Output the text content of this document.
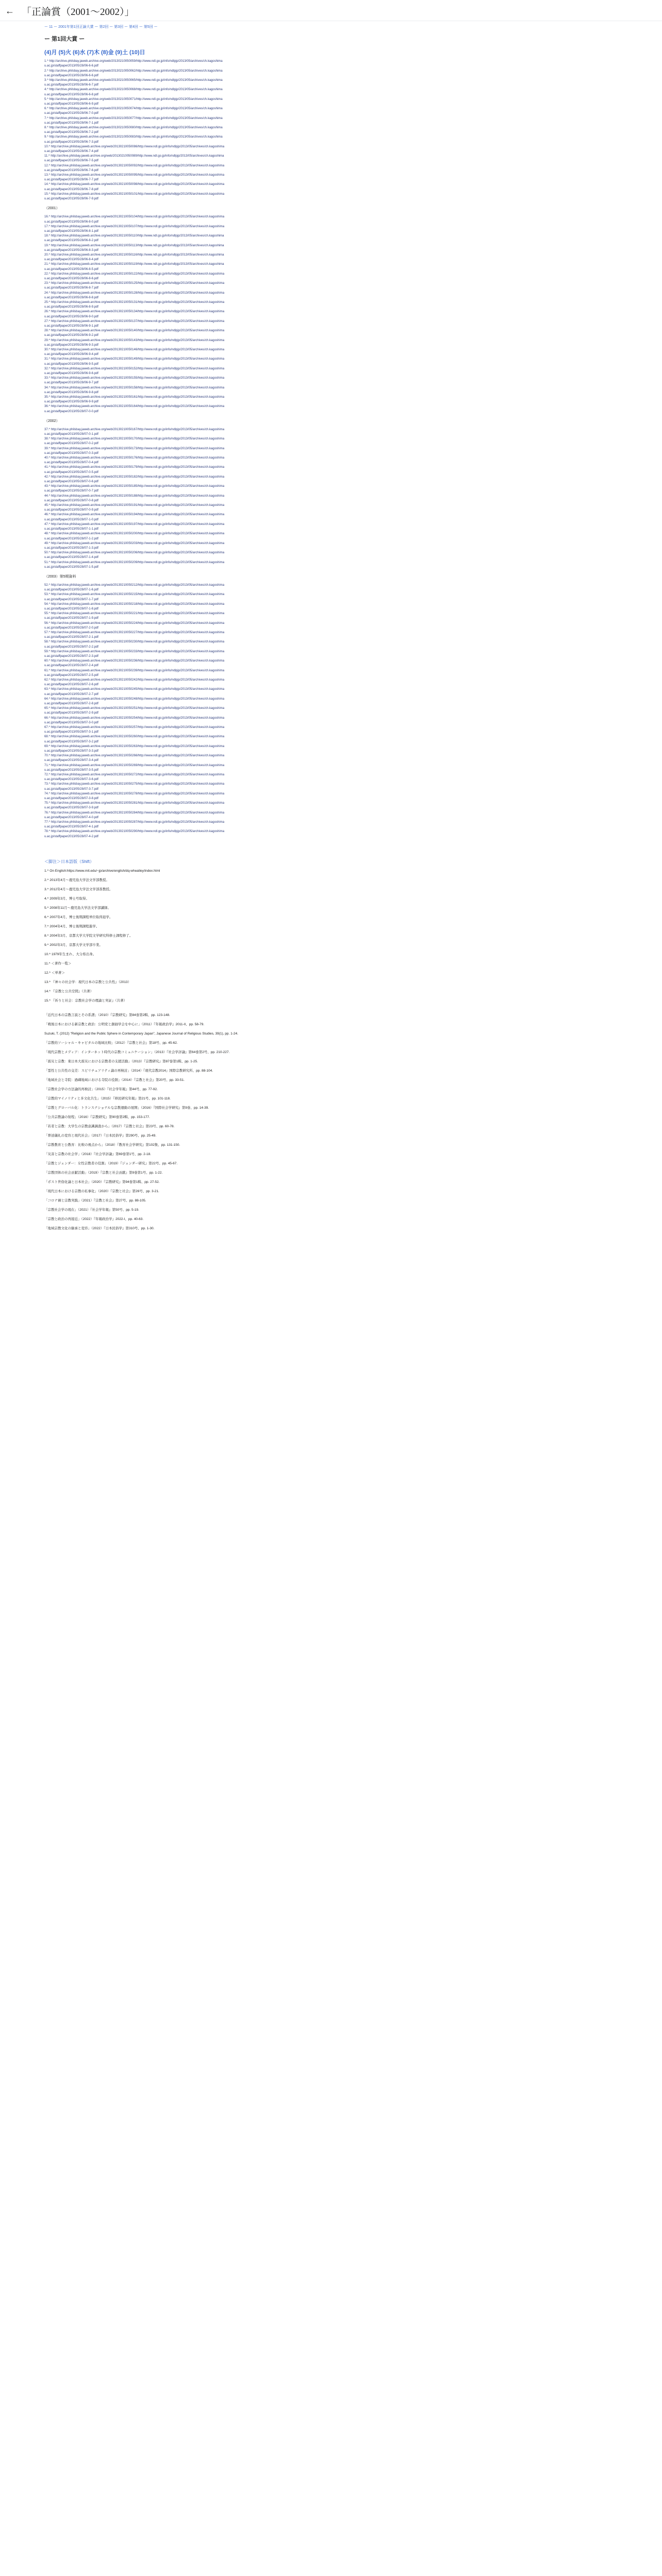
← 「正論賞（2001〜2002）」
ー 11 ー 2001年第1回正論大賞 ー 第2回 ー 第3回 ー 第4回 ー 第5回 ー
ー 第1回大賞 ー
(4)月 (5)火 (6)水 (7)木 (8)金 (9)土 (10)日
1.^ http://archive.philsbay.jaweb.archive.org/web/20130210050059/http://www.ndl.go.jp/info/ndlpjp/2013/05/archives/ch.kagoshima
u.ac.jp/staffpaper2013/05/28/06-6-6.pdf
2.^ http://archive.philsbay.jaweb.archive.org/web/20130210050062/http://www.ndl.go.jp/info/ndlpjp/2013/05/archives/ch.kagoshima
u.ac.jp/staffpaper2013/05/28/06-6-6.pdf
3.^ http://archive.philsbay.jaweb.archive.org/web/20130210050065/http://www.ndl.go.jp/info/ndlpjp/2013/05/archives/ch.kagoshima
u.ac.jp/staffpaper2013/05/28/06-6-7.pdf
4.^ http://archive.philsbay.jaweb.archive.org/web/20130210050068/http://www.ndl.go.jp/info/ndlpjp/2013/05/archives/ch.kagoshima
u.ac.jp/staffpaper2013/05/28/06-6-8.pdf
5.^ http://archive.philsbay.jaweb.archive.org/web/20130210050071/http://www.ndl.go.jp/info/ndlpjp/2013/05/archives/ch.kagoshima
u.ac.jp/staffpaper2013/05/28/06-6-9.pdf
6.^ http://archive.philsbay.jaweb.archive.org/web/20130210050074/http://www.ndl.go.jp/info/ndlpjp/2013/05/archives/ch.kagoshima
u.ac.jp/staffpaper2013/05/28/06-7-0.pdf
7.^ http://archive.philsbay.jaweb.archive.org/web/20130210050077/http://www.ndl.go.jp/info/ndlpjp/2013/05/archives/ch.kagoshima
u.ac.jp/staffpaper2013/05/28/06-7-1.pdf
8.^ http://archive.philsbay.jaweb.archive.org/web/20130210050080/http://www.ndl.go.jp/info/ndlpjp/2013/05/archives/ch.kagoshima
u.ac.jp/staffpaper2013/05/28/06-7-2.pdf
9.^ http://archive.philsbay.jaweb.archive.org/web/20130210050083/http://www.ndl.go.jp/info/ndlpjp/2013/05/archives/ch.kagoshima
u.ac.jp/staffpaper2013/05/28/06-7-3.pdf
10.^ http://archive.philsbay.jaweb.archive.org/web/20130210050086/http://www.ndl.go.jp/info/ndlpjp/2013/05/archives/ch.kagoshima
u.ac.jp/staffpaper2013/05/28/06-7-4.pdf
11.^ http://archive.philsbay.jaweb.archive.org/web/20130210050089/http://www.ndl.go.jp/info/ndlpjp/2013/05/archives/ch.kagoshima
u.ac.jp/staffpaper2013/05/28/06-7-5.pdf
12.^ http://archive.philsbay.jaweb.archive.org/web/20130210050092/http://www.ndl.go.jp/info/ndlpjp/2013/05/archives/ch.kagoshima
u.ac.jp/staffpaper2013/05/28/06-7-6.pdf
13.^ http://archive.philsbay.jaweb.archive.org/web/20130210050095/http://www.ndl.go.jp/info/ndlpjp/2013/05/archives/ch.kagoshima
u.ac.jp/staffpaper2013/05/28/06-7-7.pdf
14.^ http://archive.philsbay.jaweb.archive.org/web/20130210050098/http://www.ndl.go.jp/info/ndlpjp/2013/05/archives/ch.kagoshima
u.ac.jp/staffpaper2013/05/28/06-7-8.pdf
15.^ http://archive.philsbay.jaweb.archive.org/web/20130210050101/http://www.ndl.go.jp/info/ndlpjp/2013/05/archives/ch.kagoshima
u.ac.jp/staffpaper2013/05/28/06-7-9.pdf
（2001）
16.^ http://archive.philsbay.jaweb.archive.org/web/20130210050104/http://www.ndl.go.jp/info/ndlpjp/2013/05/archives/ch.kagoshima
u.ac.jp/staffpaper2013/05/28/06-8-0.pdf
17.^ http://archive.philsbay.jaweb.archive.org/web/20130210050107/http://www.ndl.go.jp/info/ndlpjp/2013/05/archives/ch.kagoshima
u.ac.jp/staffpaper2013/05/28/06-8-1.pdf
18.^ http://archive.philsbay.jaweb.archive.org/web/20130210050110/http://www.ndl.go.jp/info/ndlpjp/2013/05/archives/ch.kagoshima
u.ac.jp/staffpaper2013/05/28/06-8-2.pdf
19.^ http://archive.philsbay.jaweb.archive.org/web/20130210050113/http://www.ndl.go.jp/info/ndlpjp/2013/05/archives/ch.kagoshima
u.ac.jp/staffpaper2013/05/28/06-8-3.pdf
20.^ http://archive.philsbay.jaweb.archive.org/web/20130210050116/http://www.ndl.go.jp/info/ndlpjp/2013/05/archives/ch.kagoshima
u.ac.jp/staffpaper2013/05/28/06-8-4.pdf
21.^ http://archive.philsbay.jaweb.archive.org/web/20130210050119/http://www.ndl.go.jp/info/ndlpjp/2013/05/archives/ch.kagoshima
u.ac.jp/staffpaper2013/05/28/06-8-5.pdf
22.^ http://archive.philsbay.jaweb.archive.org/web/20130210050122/http://www.ndl.go.jp/info/ndlpjp/2013/05/archives/ch.kagoshima
u.ac.jp/staffpaper2013/05/28/06-8-6.pdf
23.^ http://archive.philsbay.jaweb.archive.org/web/20130210050125/http://www.ndl.go.jp/info/ndlpjp/2013/05/archives/ch.kagoshima
u.ac.jp/staffpaper2013/05/28/06-8-7.pdf
24.^ http://archive.philsbay.jaweb.archive.org/web/20130210050128/http://www.ndl.go.jp/info/ndlpjp/2013/05/archives/ch.kagoshima
u.ac.jp/staffpaper2013/05/28/06-8-8.pdf
25.^ http://archive.philsbay.jaweb.archive.org/web/20130210050131/http://www.ndl.go.jp/info/ndlpjp/2013/05/archives/ch.kagoshima
u.ac.jp/staffpaper2013/05/28/06-8-9.pdf
26.^ http://archive.philsbay.jaweb.archive.org/web/20130210050134/http://www.ndl.go.jp/info/ndlpjp/2013/05/archives/ch.kagoshima
u.ac.jp/staffpaper2013/05/28/06-9-0.pdf
27.^ http://archive.philsbay.jaweb.archive.org/web/20130210050137/http://www.ndl.go.jp/info/ndlpjp/2013/05/archives/ch.kagoshima
u.ac.jp/staffpaper2013/05/28/06-9-1.pdf
28.^ http://archive.philsbay.jaweb.archive.org/web/20130210050140/http://www.ndl.go.jp/info/ndlpjp/2013/05/archives/ch.kagoshima
u.ac.jp/staffpaper2013/05/28/06-9-2.pdf
29.^ http://archive.philsbay.jaweb.archive.org/web/20130210050143/http://www.ndl.go.jp/info/ndlpjp/2013/05/archives/ch.kagoshima
u.ac.jp/staffpaper2013/05/28/06-9-3.pdf
30.^ http://archive.philsbay.jaweb.archive.org/web/20130210050146/http://www.ndl.go.jp/info/ndlpjp/2013/05/archives/ch.kagoshima
u.ac.jp/staffpaper2013/05/28/06-9-4.pdf
31.^ http://archive.philsbay.jaweb.archive.org/web/20130210050149/http://www.ndl.go.jp/info/ndlpjp/2013/05/archives/ch.kagoshima
u.ac.jp/staffpaper2013/05/28/06-9-5.pdf
32.^ http://archive.philsbay.jaweb.archive.org/web/20130210050152/http://www.ndl.go.jp/info/ndlpjp/2013/05/archives/ch.kagoshima
u.ac.jp/staffpaper2013/05/28/06-9-6.pdf
33.^ http://archive.philsbay.jaweb.archive.org/web/20130210050155/http://www.ndl.go.jp/info/ndlpjp/2013/05/archives/ch.kagoshima
u.ac.jp/staffpaper2013/05/28/06-9-7.pdf
34.^ http://archive.philsbay.jaweb.archive.org/web/20130210050158/http://www.ndl.go.jp/info/ndlpjp/2013/05/archives/ch.kagoshima
u.ac.jp/staffpaper2013/05/28/06-9-8.pdf
35.^ http://archive.philsbay.jaweb.archive.org/web/20130210050161/http://www.ndl.go.jp/info/ndlpjp/2013/05/archives/ch.kagoshima
u.ac.jp/staffpaper2013/05/28/06-9-9.pdf
36.^ http://archive.philsbay.jaweb.archive.org/web/20130210050164/http://www.ndl.go.jp/info/ndlpjp/2013/05/archives/ch.kagoshima
u.ac.jp/staffpaper2013/05/28/07-0-0.pdf
（2002）
37.^ http://archive.philsbay.jaweb.archive.org/web/20130210050167/http://www.ndl.go.jp/info/ndlpjp/2013/05/archives/ch.kagoshima
u.ac.jp/staffpaper2013/05/28/07-0-1.pdf
38.^ http://archive.philsbay.jaweb.archive.org/web/20130210050170/http://www.ndl.go.jp/info/ndlpjp/2013/05/archives/ch.kagoshima
u.ac.jp/staffpaper2013/05/28/07-0-2.pdf
39.^ http://archive.philsbay.jaweb.archive.org/web/20130210050173/http://www.ndl.go.jp/info/ndlpjp/2013/05/archives/ch.kagoshima
u.ac.jp/staffpaper2013/05/28/07-0-3.pdf
40.^ http://archive.philsbay.jaweb.archive.org/web/20130210050176/http://www.ndl.go.jp/info/ndlpjp/2013/05/archives/ch.kagoshima
u.ac.jp/staffpaper2013/05/28/07-0-4.pdf
41.^ http://archive.philsbay.jaweb.archive.org/web/20130210050179/http://www.ndl.go.jp/info/ndlpjp/2013/05/archives/ch.kagoshima
u.ac.jp/staffpaper2013/05/28/07-0-5.pdf
42.^ http://archive.philsbay.jaweb.archive.org/web/20130210050182/http://www.ndl.go.jp/info/ndlpjp/2013/05/archives/ch.kagoshima
u.ac.jp/staffpaper2013/05/28/07-0-6.pdf
43.^ http://archive.philsbay.jaweb.archive.org/web/20130210050185/http://www.ndl.go.jp/info/ndlpjp/2013/05/archives/ch.kagoshima
u.ac.jp/staffpaper2013/05/28/07-0-7.pdf
44.^ http://archive.philsbay.jaweb.archive.org/web/20130210050188/http://www.ndl.go.jp/info/ndlpjp/2013/05/archives/ch.kagoshima
u.ac.jp/staffpaper2013/05/28/07-0-8.pdf
45.^ http://archive.philsbay.jaweb.archive.org/web/20130210050191/http://www.ndl.go.jp/info/ndlpjp/2013/05/archives/ch.kagoshima
u.ac.jp/staffpaper2013/05/28/07-0-9.pdf
46.^ http://archive.philsbay.jaweb.archive.org/web/20130210050194/http://www.ndl.go.jp/info/ndlpjp/2013/05/archives/ch.kagoshima
u.ac.jp/staffpaper2013/05/28/07-1-0.pdf
47.^ http://archive.philsbay.jaweb.archive.org/web/20130210050197/http://www.ndl.go.jp/info/ndlpjp/2013/05/archives/ch.kagoshima
u.ac.jp/staffpaper2013/05/28/07-1-1.pdf
48.^ http://archive.philsbay.jaweb.archive.org/web/20130210050200/http://www.ndl.go.jp/info/ndlpjp/2013/05/archives/ch.kagoshima
u.ac.jp/staffpaper2013/05/28/07-1-2.pdf
49.^ http://archive.philsbay.jaweb.archive.org/web/20130210050203/http://www.ndl.go.jp/info/ndlpjp/2013/05/archives/ch.kagoshima
u.ac.jp/staffpaper2013/05/28/07-1-3.pdf
50.^ http://archive.philsbay.jaweb.archive.org/web/20130210050206/http://www.ndl.go.jp/info/ndlpjp/2013/05/archives/ch.kagoshima
u.ac.jp/staffpaper2013/05/28/07-1-4.pdf
51.^ http://archive.philsbay.jaweb.archive.org/web/20130210050209/http://www.ndl.go.jp/info/ndlpjp/2013/05/archives/ch.kagoshima
u.ac.jp/staffpaper2013/05/28/07-1-5.pdf
（2003）第5期資料
52.^ http://archive.philsbay.jaweb.archive.org/web/20130210050212/http://www.ndl.go.jp/info/ndlpjp/2013/05/archives/ch.kagoshima
u.ac.jp/staffpaper2013/05/28/07-1-6.pdf
53.^ http://archive.philsbay.jaweb.archive.org/web/20130210050215/http://www.ndl.go.jp/info/ndlpjp/2013/05/archives/ch.kagoshima
u.ac.jp/staffpaper2013/05/28/07-1-7.pdf
54.^ http://archive.philsbay.jaweb.archive.org/web/20130210050218/http://www.ndl.go.jp/info/ndlpjp/2013/05/archives/ch.kagoshima
u.ac.jp/staffpaper2013/05/28/07-1-8.pdf
55.^ http://archive.philsbay.jaweb.archive.org/web/20130210050221/http://www.ndl.go.jp/info/ndlpjp/2013/05/archives/ch.kagoshima
u.ac.jp/staffpaper2013/05/28/07-1-9.pdf
56.^ http://archive.philsbay.jaweb.archive.org/web/20130210050224/http://www.ndl.go.jp/info/ndlpjp/2013/05/archives/ch.kagoshima
u.ac.jp/staffpaper2013/05/28/07-2-0.pdf
57.^ http://archive.philsbay.jaweb.archive.org/web/20130210050227/http://www.ndl.go.jp/info/ndlpjp/2013/05/archives/ch.kagoshima
u.ac.jp/staffpaper2013/05/28/07-2-1.pdf
58.^ http://archive.philsbay.jaweb.archive.org/web/20130210050230/http://www.ndl.go.jp/info/ndlpjp/2013/05/archives/ch.kagoshima
u.ac.jp/staffpaper2013/05/28/07-2-2.pdf
59.^ http://archive.philsbay.jaweb.archive.org/web/20130210050233/http://www.ndl.go.jp/info/ndlpjp/2013/05/archives/ch.kagoshima
u.ac.jp/staffpaper2013/05/28/07-2-3.pdf
60.^ http://archive.philsbay.jaweb.archive.org/web/20130210050236/http://www.ndl.go.jp/info/ndlpjp/2013/05/archives/ch.kagoshima
u.ac.jp/staffpaper2013/05/28/07-2-4.pdf
61.^ http://archive.philsbay.jaweb.archive.org/web/20130210050239/http://www.ndl.go.jp/info/ndlpjp/2013/05/archives/ch.kagoshima
u.ac.jp/staffpaper2013/05/28/07-2-5.pdf
62.^ http://archive.philsbay.jaweb.archive.org/web/20130210050242/http://www.ndl.go.jp/info/ndlpjp/2013/05/archives/ch.kagoshima
u.ac.jp/staffpaper2013/05/28/07-2-6.pdf
63.^ http://archive.philsbay.jaweb.archive.org/web/20130210050245/http://www.ndl.go.jp/info/ndlpjp/2013/05/archives/ch.kagoshima
u.ac.jp/staffpaper2013/05/28/07-2-7.pdf
64.^ http://archive.philsbay.jaweb.archive.org/web/20130210050248/http://www.ndl.go.jp/info/ndlpjp/2013/05/archives/ch.kagoshima
u.ac.jp/staffpaper2013/05/28/07-2-8.pdf
65.^ http://archive.philsbay.jaweb.archive.org/web/20130210050251/http://www.ndl.go.jp/info/ndlpjp/2013/05/archives/ch.kagoshima
u.ac.jp/staffpaper2013/05/28/07-2-9.pdf
66.^ http://archive.philsbay.jaweb.archive.org/web/20130210050254/http://www.ndl.go.jp/info/ndlpjp/2013/05/archives/ch.kagoshima
u.ac.jp/staffpaper2013/05/28/07-3-0.pdf
67.^ http://archive.philsbay.jaweb.archive.org/web/20130210050257/http://www.ndl.go.jp/info/ndlpjp/2013/05/archives/ch.kagoshima
u.ac.jp/staffpaper2013/05/28/07-3-1.pdf
68.^ http://archive.philsbay.jaweb.archive.org/web/20130210050260/http://www.ndl.go.jp/info/ndlpjp/2013/05/archives/ch.kagoshima
u.ac.jp/staffpaper2013/05/28/07-3-2.pdf
69.^ http://archive.philsbay.jaweb.archive.org/web/20130210050263/http://www.ndl.go.jp/info/ndlpjp/2013/05/archives/ch.kagoshima
u.ac.jp/staffpaper2013/05/28/07-3-3.pdf
70.^ http://archive.philsbay.jaweb.archive.org/web/20130210050266/http://www.ndl.go.jp/info/ndlpjp/2013/05/archives/ch.kagoshima
u.ac.jp/staffpaper2013/05/28/07-3-4.pdf
71.^ http://archive.philsbay.jaweb.archive.org/web/20130210050269/http://www.ndl.go.jp/info/ndlpjp/2013/05/archives/ch.kagoshima
u.ac.jp/staffpaper2013/05/28/07-3-5.pdf
72.^ http://archive.philsbay.jaweb.archive.org/web/20130210050272/http://www.ndl.go.jp/info/ndlpjp/2013/05/archives/ch.kagoshima
u.ac.jp/staffpaper2013/05/28/07-3-6.pdf
73.^ http://archive.philsbay.jaweb.archive.org/web/20130210050275/http://www.ndl.go.jp/info/ndlpjp/2013/05/archives/ch.kagoshima
u.ac.jp/staffpaper2013/05/28/07-3-7.pdf
74.^ http://archive.philsbay.jaweb.archive.org/web/20130210050278/http://www.ndl.go.jp/info/ndlpjp/2013/05/archives/ch.kagoshima
u.ac.jp/staffpaper2013/05/28/07-3-8.pdf
75.^ http://archive.philsbay.jaweb.archive.org/web/20130210050281/http://www.ndl.go.jp/info/ndlpjp/2013/05/archives/ch.kagoshima
u.ac.jp/staffpaper2013/05/28/07-3-9.pdf
76.^ http://archive.philsbay.jaweb.archive.org/web/20130210050284/http://www.ndl.go.jp/info/ndlpjp/2013/05/archives/ch.kagoshima
u.ac.jp/staffpaper2013/05/28/07-4-0.pdf
77.^ http://archive.philsbay.jaweb.archive.org/web/20130210050287/http://www.ndl.go.jp/info/ndlpjp/2013/05/archives/ch.kagoshima
u.ac.jp/staffpaper2013/05/28/07-4-1.pdf
78.^ http://archive.philsbay.jaweb.archive.org/web/20130210050290/http://www.ndl.go.jp/info/ndlpjp/2013/05/archives/ch.kagoshima
u.ac.jp/staffpaper2013/05/28/07-4-2.pdf
＜脚注＞日本語版（Shift）
1.^ On English:https://www.mit.edu/~jp/archive/english/dq-wheatley/index.html
2.^ 2013年4月〜鹿児島大学法文学部教授。
3.^ 2012年4月〜鹿児島大学法文学部准教授。
4.^ 2009年3月、博士号取得。
5.^ 2008年11月〜鹿児島大学法文学部講師。
6.^ 2007年4月、博士後期課程単位取得退学。
7.^ 2004年4月、博士後期課程進学。
8.^ 2004年3月、京都大学大学院文学研究科修士課程修了。
9.^ 2002年3月、京都大学文学部卒業。
10.^ 1979年生まれ、大分県出身。
11.^ ＜著作一覧＞
12.^ ＜単著＞
13.^ 『神々の社会学：現代日本の宗教と公共性』（2013）
14.^ 『宗教と公共空間』（共著）
15.^ 『祈りと社会：宗教社会学の理論と実証』（共著）
「近代日本の宗教言説とその系譜」（2010）『宗教研究』第84巻第2輯、pp. 123-148.
「戦後日本における新宗教と政治：公明党と創価学会を中心に」（2011）『年報政治学』2011-II、pp. 58-79.
Suzuki, T. (2012) "Religion and the Public Sphere in Contemporary Japan", Japanese Journal of Religious Studies, 39(1), pp. 1-24.
「宗教的ソーシャル・キャピタルの地域比較」（2012）『宗教と社会』第18号、pp. 45-62.
「現代宗教とメディア：インターネット時代の宗教コミュニケーション」（2013）『社会学評論』第64巻第2号、pp. 210-227.
「震災と宗教：東日本大震災における宗教者の支援活動」（2013）『宗教研究』第87巻第1輯、pp. 1-25.
「霊性と公共性の交差：スピリチュアリティ論の再検討」（2014）『現代宗教2014』国際宗教研究所、pp. 88-104.
「地域社会と寺院：過疎地域における寺院の役割」（2014）『宗教と社会』第20号、pp. 33-51.
「宗教社会学の方法論的再検討」（2015）『社会学年報』第44号、pp. 77-92.
「宗教的マイノリティと多文化共生」（2015）『移民研究年報』第21号、pp. 101-118.
「宗教とグローバル化：トランスナショナルな宗教運動の展開」（2016）『国際社会学研究』第9巻、pp. 14-39.
「公共宗教論の射程」（2016）『宗教研究』第90巻第2輯、pp. 153-177.
「若者と宗教：大学生の宗教意識調査から」（2017）『宗教と社会』第23号、pp. 60-78.
「葬送儀礼の変容と現代社会」（2017）『日本民俗学』第290号、pp. 25-49.
「宗教教育と公教育：比較の視点から」（2018）『教育社会学研究』第102集、pp. 131-150.
「災害と宗教の社会学」（2018）『社会学評論』第69巻第1号、pp. 2-18.
「宗教とジェンダー：女性宗教者の役割」（2019）『ジェンダー研究』第22号、pp. 45-67.
「宗教団体の社会貢献活動」（2019）『宗教と社会貢献』第9巻第1号、pp. 1-22.
「ポスト世俗化論と日本社会」（2020）『宗教研究』第94巻第1輯、pp. 27-52.
「現代日本における宗教の私事化」（2020）『宗教と社会』第26号、pp. 3-21.
「コロナ禍と宗教実践」（2021）『宗教と社会』第27号、pp. 88-105.
「宗教社会学の現在」（2021）『社会学年報』第50号、pp. 5-19.
「宗教と政治の再接近」（2022）『年報政治学』2022-I、pp. 40-63.
「地域宗教文化の継承と変容」（2022）『日本民俗学』第310号、pp. 1-30.
